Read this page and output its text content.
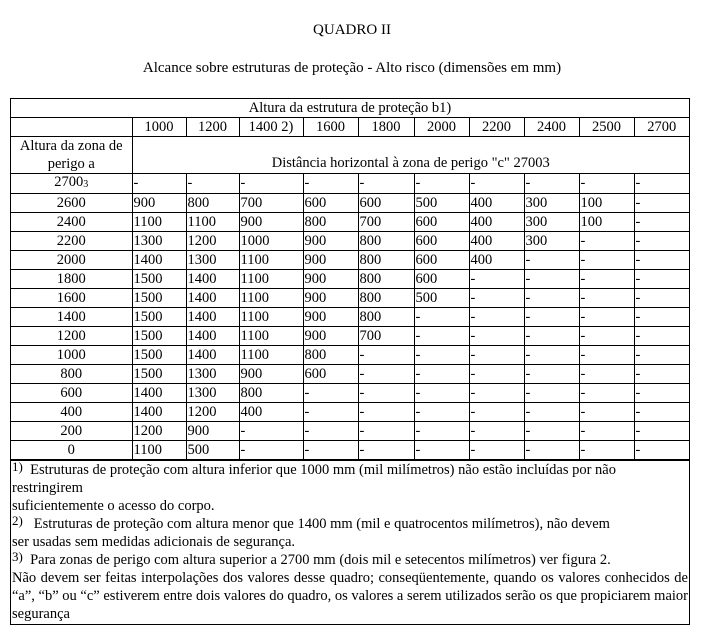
QUADRO II
Alcance sobre estruturas de proteção - Alto risco (dimensões em mm)
Altura da estrutura de proteção b1)										
	1000	1200	1400 2)	1600	1800	2000	2200	2400	2500	2700
Altura da zona de perigo a	Distância horizontal à zona de perigo "c" 27003									
27003	-	-	-	-	-	-	-	-	-	-
2600	900	800	700	600	600	500	400	300	100	-
2400	1100	1100	900	800	700	600	400	300	100	-
2200	1300	1200	1000	900	800	600	400	300	-	-
2000	1400	1300	1100	900	800	600	400	-	-	-
1800	1500	1400	1100	900	800	600	-	-	-	-
1600	1500	1400	1100	900	800	500	-	-	-	-
1400	1500	1400	1100	900	800	-	-	-	-	-
1200	1500	1400	1100	900	700	-	-	-	-	-
1000	1500	1400	1100	800	-	-	-	-	-	-
800	1500	1300	900	600	-	-	-	-	-	-
600	1400	1300	800	-	-	-	-	-	-	-
400	1400	1200	400	-	-	-	-	-	-	-
200	1200	900	-	-	-	-	-	-	-	-
0	1100	500	-	-	-	-	-	-	-	-

$^{1)}$ Estruturas de proteção com altura inferior que 1000 mm (mil milímetros) não estão incluídas por não

restringirem

suficientemente o acesso do corpo.

$^{2)}$ Estruturas de proteção com altura menor que 1400 mm (mil e quatrocentos milímetros), não devem

ser usadas sem medidas adicionais de segurança.

$^{3)}$ Para zonas de perigo com altura superior a 2700 mm (dois mil e setecentos milímetros) ver figura 2.

Não devem ser feitas interpolações dos valores desse quadro; conseqüentemente, quando os valores conhecidos de “a”, “b” ou “c” estiverem entre dois valores do quadro, os valores a serem utilizados serão os que propiciarem maior segurança
